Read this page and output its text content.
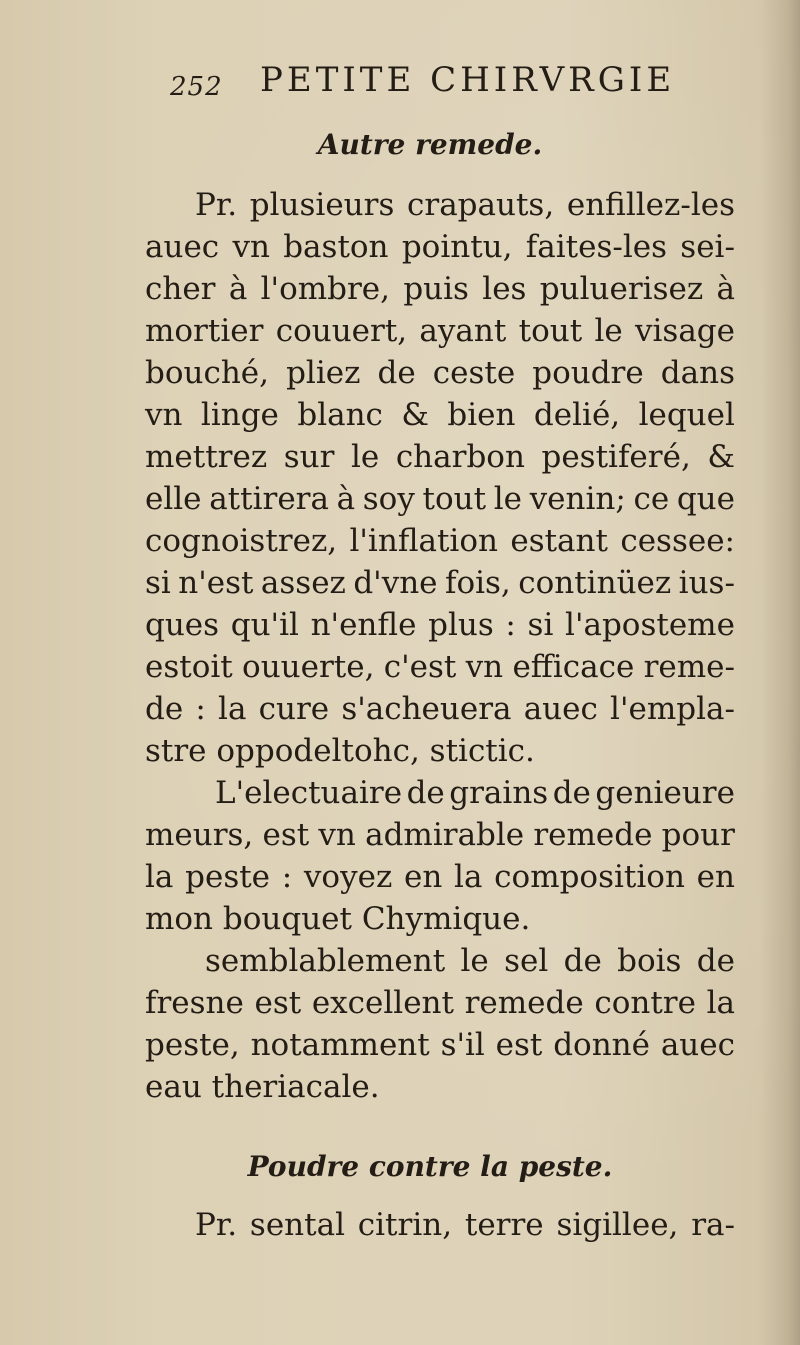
252 PETITE CHIRVRGIE
Autre remede.
Pr. plusieurs crapauts, enfillez-les
auec vn baston pointu, faites-les sei-
cher à l'ombre, puis les puluerisez à
mortier couuert, ayant tout le visage
bouché, pliez de ceste poudre dans
vn linge blanc & bien delié, lequel
mettrez sur le charbon pestiferé, &
elle attirera à soy tout le venin; ce que
cognoistrez, l'inflation estant cessee:
si n'est assez d'vne fois, continüez ius-
ques qu'il n'enfle plus : si l'aposteme
estoit ouuerte, c'est vn efficace reme-
de : la cure s'acheuera auec l'empla-
stre oppodeltohc, stictic.
L'electuaire de grains de genieure
meurs, est vn admirable remede pour
la peste : voyez en la composition en
mon bouquet Chymique.
semblablement le sel de bois de
fresne est excellent remede contre la
peste, notamment s'il est donné auec
eau theriacale.
Poudre contre la peste.
Pr. sental citrin, terre sigillee, ra-
